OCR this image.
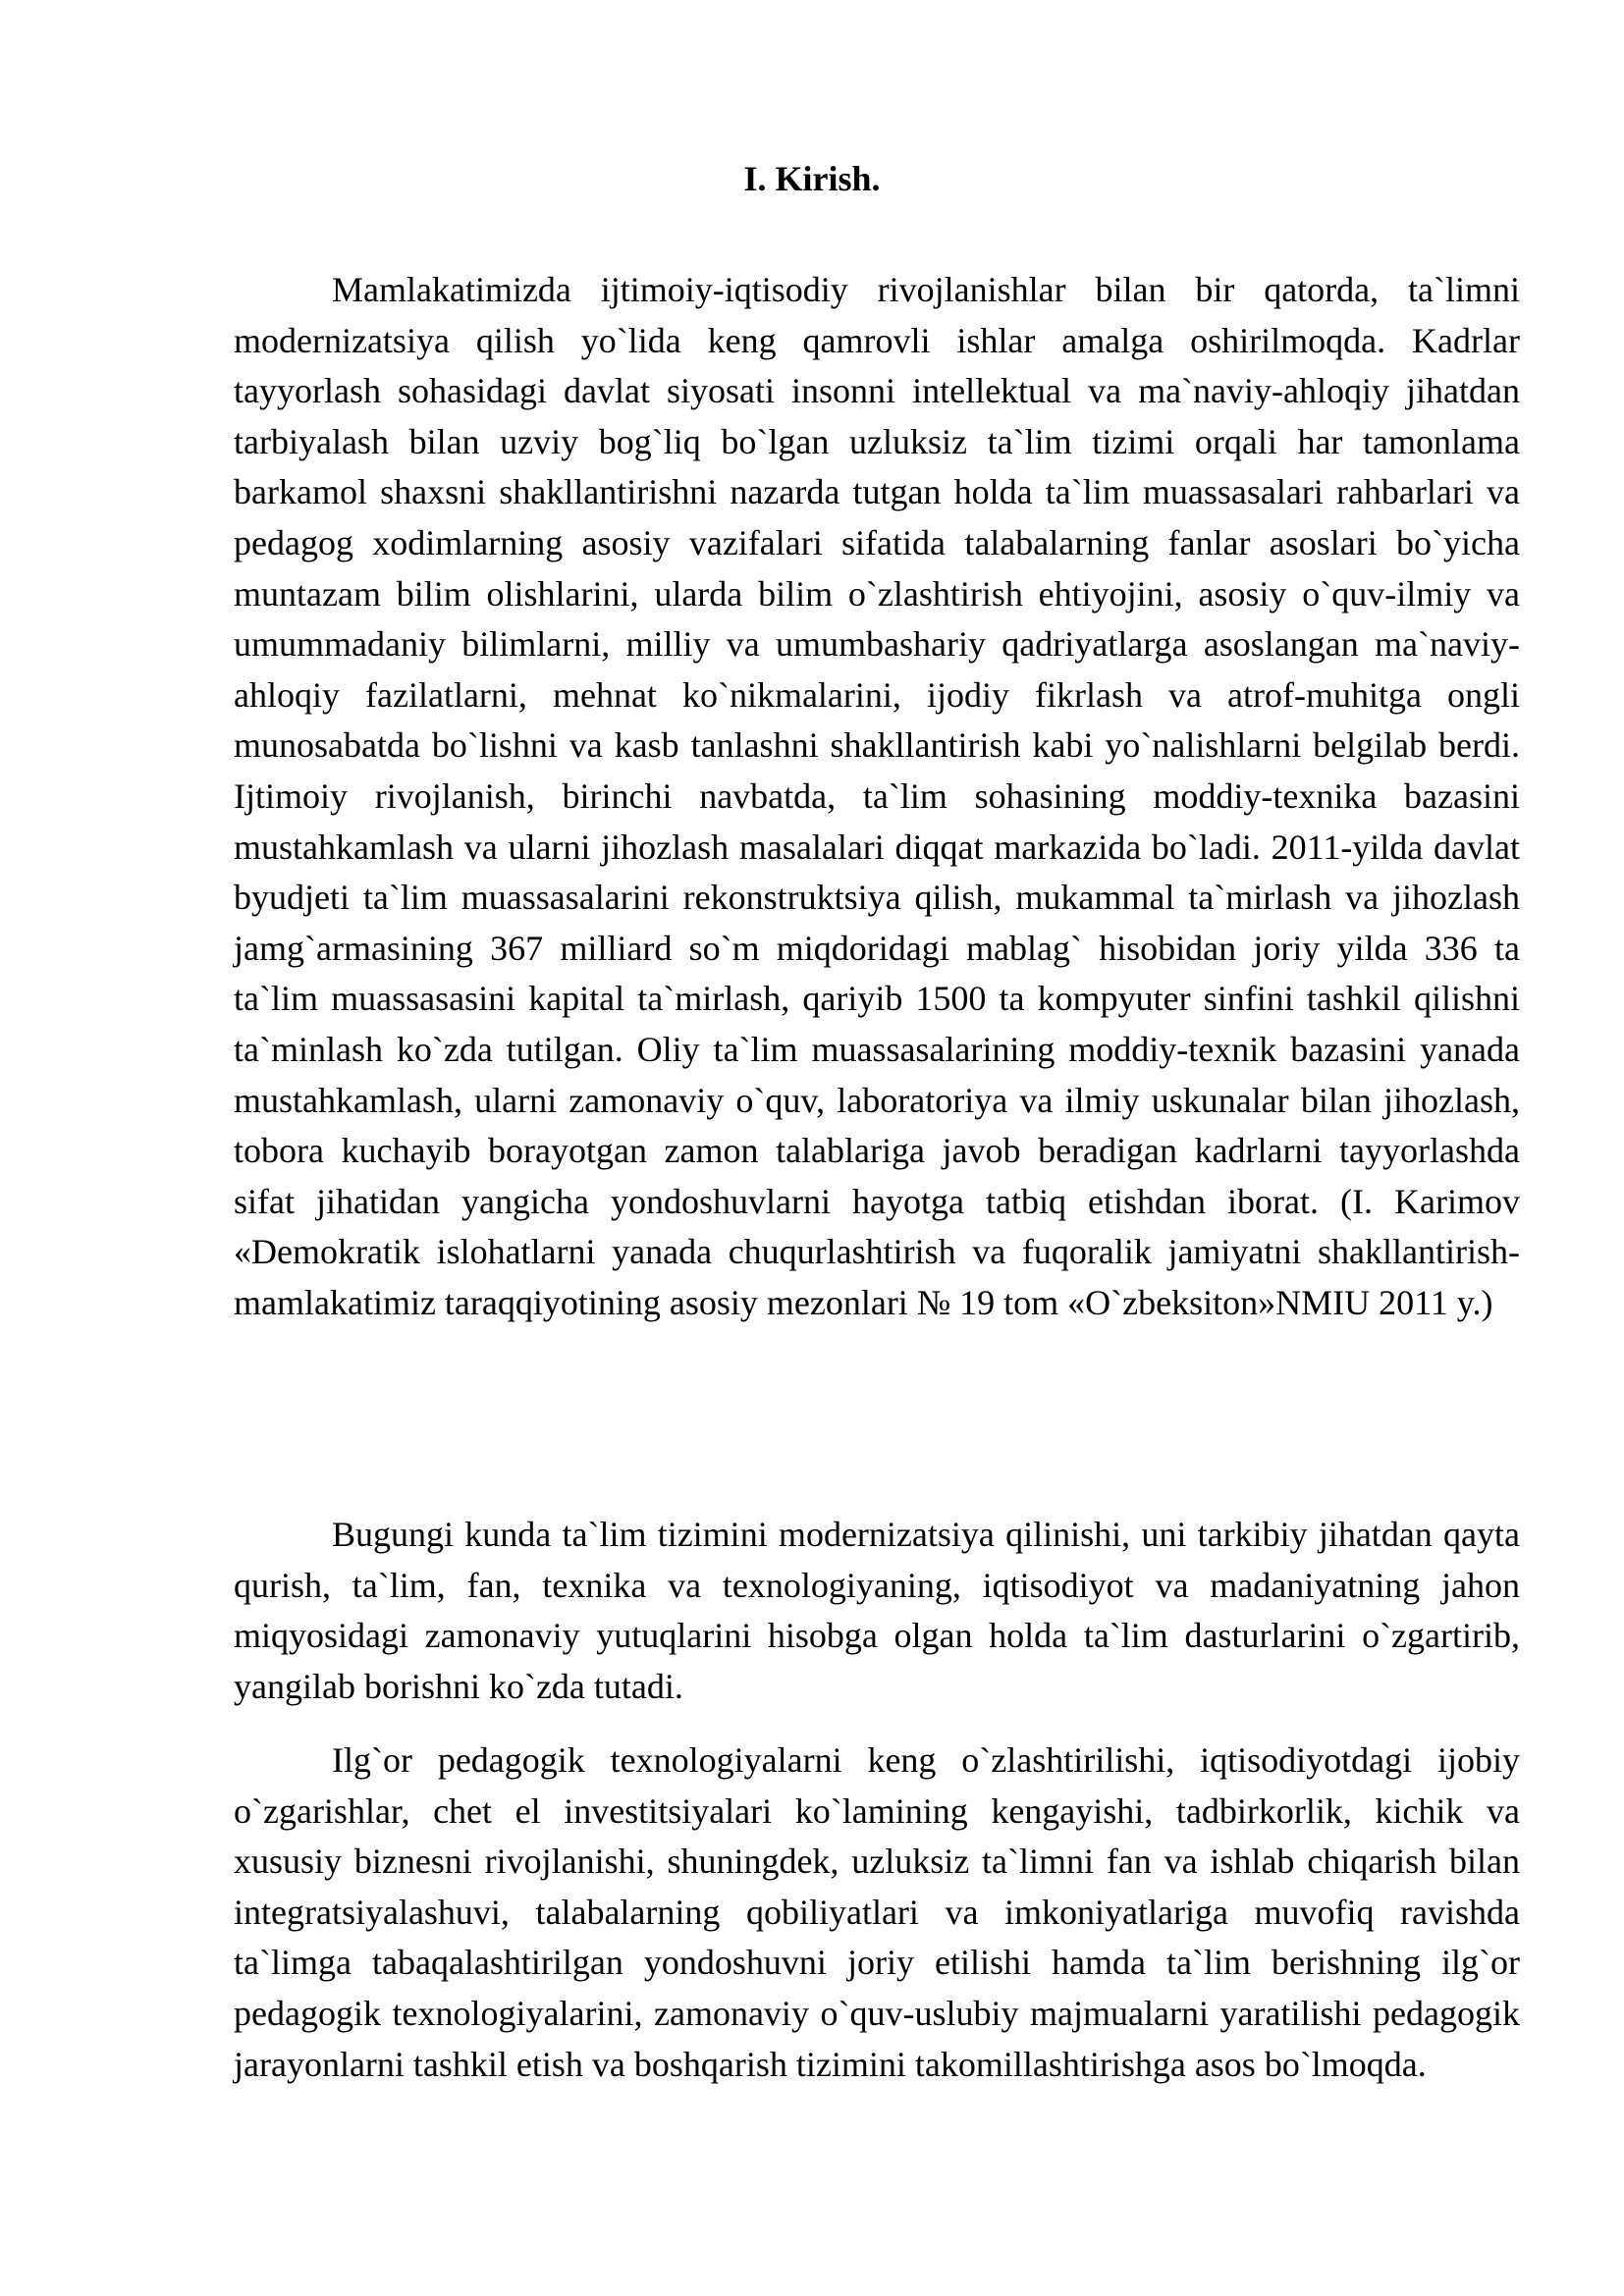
I. Kirish.

Mamlakatimizda ijtimoiy-iqtisodiy rivojlanishlar bilan bir qatorda, ta`limni modernizatsiya qilish yo`lida keng qamrovli ishlar amalga oshirilmoqda. Kadrlar tayyorlash sohasidagi davlat siyosati insonni intellektual va ma`naviy-ahloqiy jihatdan tarbiyalash bilan uzviy bog`liq bo`lgan uzluksiz ta`lim tizimi orqali har tamonlama barkamol shaxsni shakllantirishni nazarda tutgan holda ta`lim muassasalari rahbarlari va pedagog xodimlarning asosiy vazifalari sifatida talabalarning fanlar asoslari bo`yicha muntazam bilim olishlarini, ularda bilim o`zlashtirish ehtiyojini, asosiy o`quv-ilmiy va umummadaniy bilimlarni, milliy va umumbashariy qadriyatlarga asoslangan ma`naviy-ahloqiy fazilatlarni, mehnat ko`nikmalarini, ijodiy fikrlash va atrof-muhitga ongli munosabatda bo`lishni va kasb tanlashni shakllantirish kabi yo`nalishlarni belgilab berdi. Ijtimoiy rivojlanish, birinchi navbatda, ta`lim sohasining moddiy-texnika bazasini mustahkamlash va ularni jihozlash masalalari diqqat markazida bo`ladi. 2011-yilda davlat byudjeti ta`lim muassasalarini rekonstruktsiya qilish, mukammal ta`mirlash va jihozlash jamg`armasining 367 milliard so`m miqdoridagi mablag` hisobidan joriy yilda 336 ta ta`lim muassasasini kapital ta`mirlash, qariyib 1500 ta kompyuter sinfini tashkil qilishni ta`minlash ko`zda tutilgan. Oliy ta`lim muassasalarining moddiy-texnik bazasini yanada mustahkamlash, ularni zamonaviy o`quv, laboratoriya va ilmiy uskunalar bilan jihozlash, tobora kuchayib borayotgan zamon talablariga javob beradigan kadrlarni tayyorlashda sifat jihatidan yangicha yondoshuvlarni hayotga tatbiq etishdan iborat. (I. Karimov «Demokratik islohatlarni yanada chuqurlashtirish va fuqoralik jamiyatni shakllantirish-mamlakatimiz taraqqiyotining asosiy mezonlari № 19 tom «O`zbeksiton»NMIU 2011 y.)

Bugungi kunda ta`lim tizimini modernizatsiya qilinishi, uni tarkibiy jihatdan qayta qurish, ta`lim, fan, texnika va texnologiyaning, iqtisodiyot va madaniyatning jahon miqyosidagi zamonaviy yutuqlarini hisobga olgan holda ta`lim dasturlarini o`zgartirib, yangilab borishni ko`zda tutadi.

Ilg`or pedagogik texnologiyalarni keng o`zlashtirilishi, iqtisodiyotdagi ijobiy o`zgarishlar, chet el investitsiyalari ko`lamining kengayishi, tadbirkorlik, kichik va xususiy biznesni rivojlanishi, shuningdek, uzluksiz ta`limni fan va ishlab chiqarish bilan integratsiyalashuvi, talabalarning qobiliyatlari va imkoniyatlariga muvofiq ravishda ta`limga tabaqalashtirilgan yondoshuvni joriy etilishi hamda ta`lim berishning ilg`or pedagogik texnologiyalarini, zamonaviy o`quv-uslubiy majmualarni yaratilishi pedagogik jarayonlarni tashkil etish va boshqarish tizimini takomillashtirishga asos bo`lmoqda.
